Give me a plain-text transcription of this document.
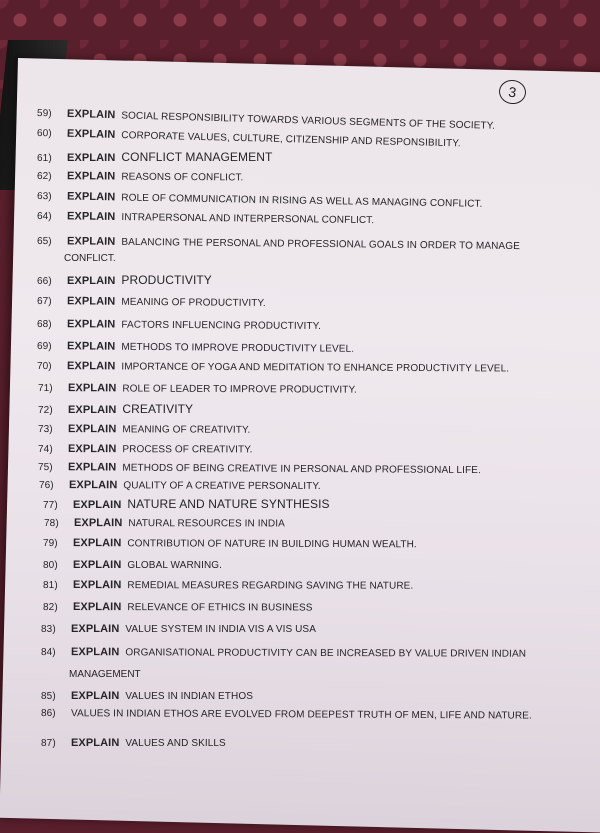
3
59) EXPLAIN SOCIAL RESPONSIBILITY TOWARDS VARIOUS SEGMENTS OF THE SOCIETY.
60) EXPLAIN CORPORATE VALUES, CULTURE, CITIZENSHIP AND RESPONSIBILITY.
61) EXPLAIN CONFLICT MANAGEMENT
62) EXPLAIN REASONS OF CONFLICT.
63) EXPLAIN ROLE OF COMMUNICATION IN RISING AS WELL AS MANAGING CONFLICT.
64) EXPLAIN INTRAPERSONAL AND INTERPERSONAL CONFLICT.
65) EXPLAIN BALANCING THE PERSONAL AND PROFESSIONAL GOALS IN ORDER TO MANAGE
CONFLICT.
66) EXPLAIN PRODUCTIVITY
67) EXPLAIN MEANING OF PRODUCTIVITY.
68) EXPLAIN FACTORS INFLUENCING PRODUCTIVITY.
69) EXPLAIN METHODS TO IMPROVE PRODUCTIVITY LEVEL.
70) EXPLAIN IMPORTANCE OF YOGA AND MEDITATION TO ENHANCE PRODUCTIVITY LEVEL.
71) EXPLAIN ROLE OF LEADER TO IMPROVE PRODUCTIVITY.
72) EXPLAIN CREATIVITY
73) EXPLAIN MEANING OF CREATIVITY.
74) EXPLAIN PROCESS OF CREATIVITY.
75) EXPLAIN METHODS OF BEING CREATIVE IN PERSONAL AND PROFESSIONAL LIFE.
76) EXPLAIN QUALITY OF A CREATIVE PERSONALITY.
77) EXPLAIN NATURE AND NATURE SYNTHESIS
78) EXPLAIN NATURAL RESOURCES IN INDIA
79) EXPLAIN CONTRIBUTION OF NATURE IN BUILDING HUMAN WEALTH.
80) EXPLAIN GLOBAL WARNING.
81) EXPLAIN REMEDIAL MEASURES REGARDING SAVING THE NATURE.
82) EXPLAIN RELEVANCE OF ETHICS IN BUSINESS
83) EXPLAIN VALUE SYSTEM IN INDIA VIS A VIS USA
84) EXPLAIN ORGANISATIONAL PRODUCTIVITY CAN BE INCREASED BY VALUE DRIVEN INDIAN
MANAGEMENT
85) EXPLAIN VALUES IN INDIAN ETHOS
86) VALUES IN INDIAN ETHOS ARE EVOLVED FROM DEEPEST TRUTH OF MEN, LIFE AND NATURE.
87) EXPLAIN VALUES AND SKILLS
